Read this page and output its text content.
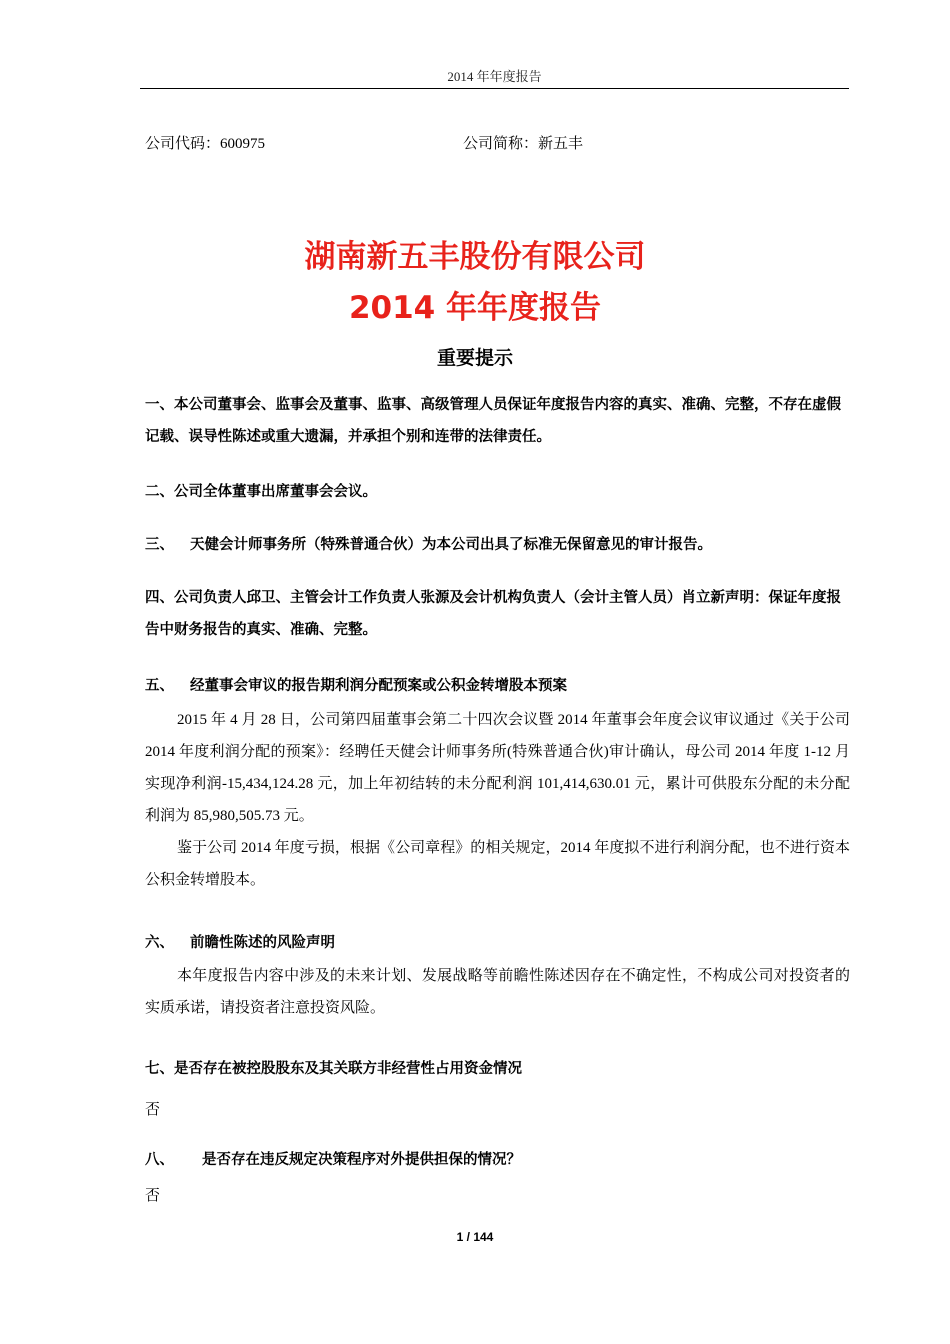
2014 年年度报告
公司代码：600975	公司简称：新五丰
湖南新五丰股份有限公司
2014 年年度报告
重要提示
一、本公司董事会、监事会及董事、监事、高级管理人员保证年度报告内容的真实、准确、完整，不存在虚假记载、误导性陈述或重大遗漏，并承担个别和连带的法律责任。
二、公司全体董事出席董事会会议。
三、 天健会计师事务所（特殊普通合伙）为本公司出具了标准无保留意见的审计报告。
四、公司负责人邱卫、主管会计工作负责人张源及会计机构负责人（会计主管人员）肖立新声明：保证年度报告中财务报告的真实、准确、完整。
五、 经董事会审议的报告期利润分配预案或公积金转增股本预案
2015 年 4 月 28 日，公司第四届董事会第二十四次会议暨 2014 年董事会年度会议审议通过《关于公司 2014 年度利润分配的预案》：经聘任天健会计师事务所(特殊普通合伙)审计确认，母公司 2014 年度 1-12 月实现净利润-15,434,124.28 元，加上年初结转的未分配利润 101,414,630.01 元，累计可供股东分配的未分配利润为 85,980,505.73 元。
鉴于公司 2014 年度亏损，根据《公司章程》的相关规定，2014 年度拟不进行利润分配，也不进行资本公积金转增股本。
六、 前瞻性陈述的风险声明
本年度报告内容中涉及的未来计划、发展战略等前瞻性陈述因存在不确定性，不构成公司对投资者的实质承诺，请投资者注意投资风险。
七、是否存在被控股股东及其关联方非经营性占用资金情况
否
八、 是否存在违反规定决策程序对外提供担保的情况？
否
1 / 144
